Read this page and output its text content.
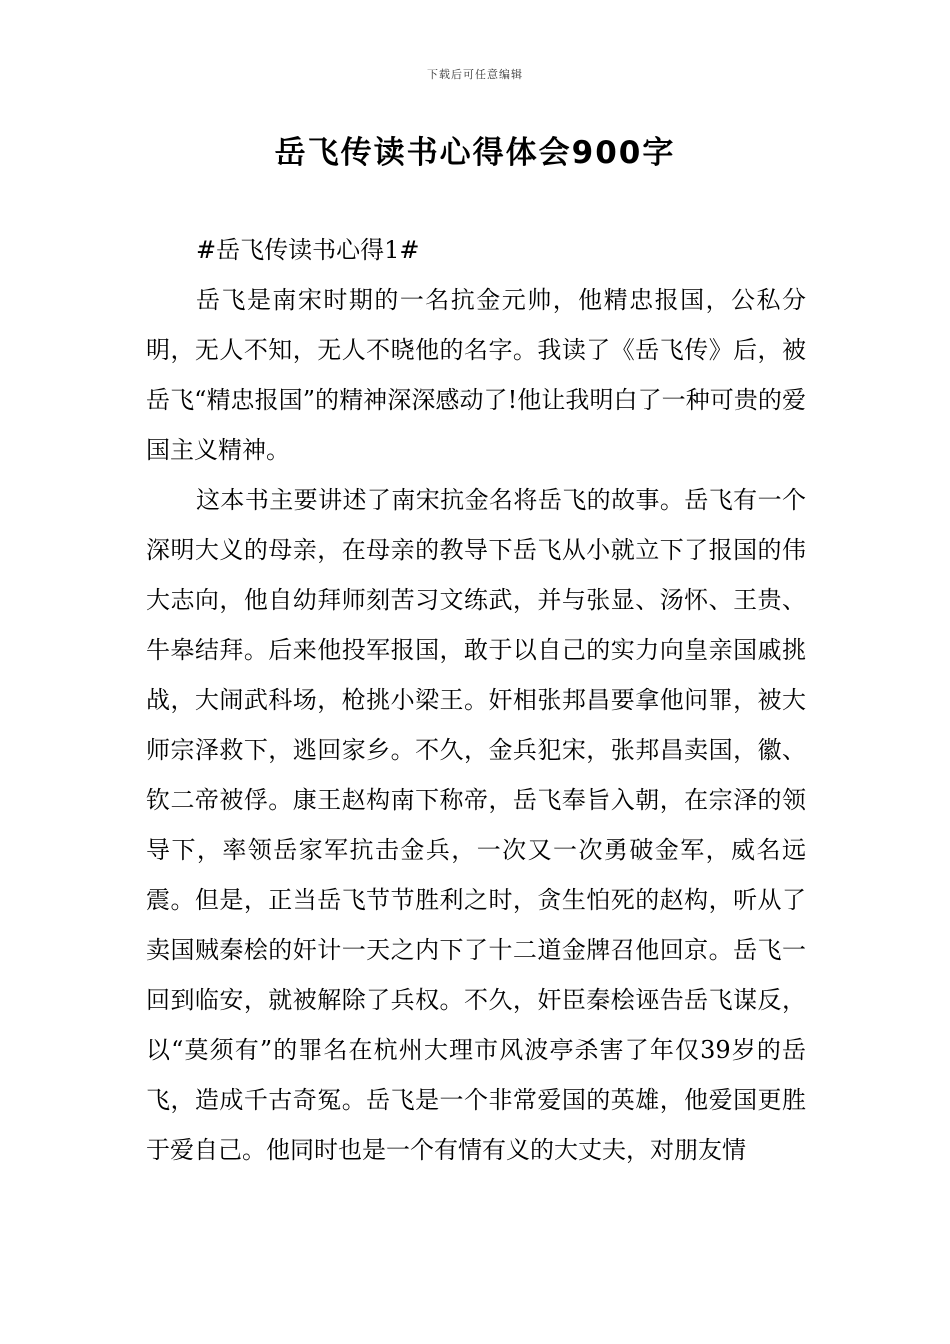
下载后可任意编辑
岳飞传读书心得体会900字

#岳飞传读书心得1#

岳飞是南宋时期的一名抗金元帅，他精忠报国，公私分明，无人不知，无人不晓他的名字。我读了《岳飞传》后，被岳飞“精忠报国”的精神深深感动了!他让我明白了一种可贵的爱国主义精神。

这本书主要讲述了南宋抗金名将岳飞的故事。岳飞有一个深明大义的母亲，在母亲的教导下岳飞从小就立下了报国的伟大志向，他自幼拜师刻苦习文练武，并与张显、汤怀、王贵、牛皋结拜。后来他投军报国，敢于以自己的实力向皇亲国戚挑战，大闹武科场，枪挑小梁王。奸相张邦昌要拿他问罪，被大师宗泽救下，逃回家乡。不久，金兵犯宋，张邦昌卖国，徽、钦二帝被俘。康王赵构南下称帝，岳飞奉旨入朝，在宗泽的领导下，率领岳家军抗击金兵，一次又一次勇破金军，威名远震。但是，正当岳飞节节胜利之时，贪生怕死的赵构，听从了卖国贼秦桧的奸计一天之内下了十二道金牌召他回京。岳飞一回到临安，就被解除了兵权。不久，奸臣秦桧诬告岳飞谋反，以“莫须有”的罪名在杭州大理市风波亭杀害了年仅39岁的岳飞，造成千古奇冤。岳飞是一个非常爱国的英雄，他爱国更胜于爱自己。他同时也是一个有情有义的大丈夫，对朋友情
